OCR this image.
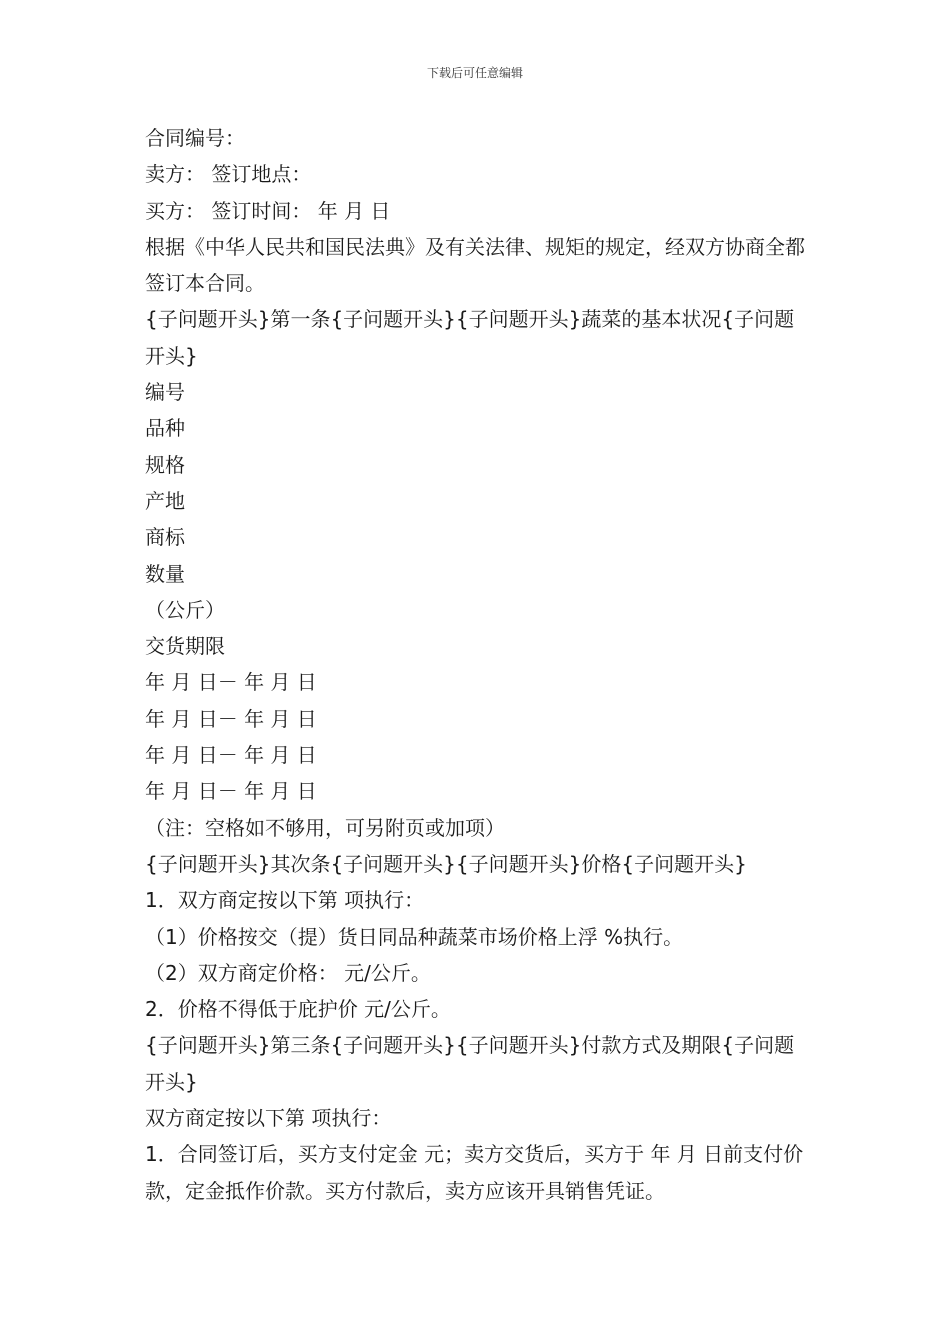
下载后可任意编辑
合同编号：
卖方： 签订地点：
买方： 签订时间： 年 月 日
根据《中华人民共和国民法典》及有关法律、规矩的规定，经双方协商全都签订本合同。
{子问题开头}第一条{子问题开头}{子问题开头}蔬菜的基本状况{子问题开头}
编号
品种
规格
产地
商标
数量
（公斤）
交货期限
年 月 日－ 年 月 日
年 月 日－ 年 月 日
年 月 日－ 年 月 日
年 月 日－ 年 月 日
（注：空格如不够用，可另附页或加项）
{子问题开头}其次条{子问题开头}{子问题开头}价格{子问题开头}
1．双方商定按以下第 项执行：
（1）价格按交（提）货日同品种蔬菜市场价格上浮 %执行。
（2）双方商定价格： 元/公斤。
2．价格不得低于庇护价 元/公斤。
{子问题开头}第三条{子问题开头}{子问题开头}付款方式及期限{子问题开头}
双方商定按以下第 项执行：
1．合同签订后，买方支付定金 元；卖方交货后，买方于 年 月 日前支付价款，定金抵作价款。买方付款后，卖方应该开具销售凭证。
